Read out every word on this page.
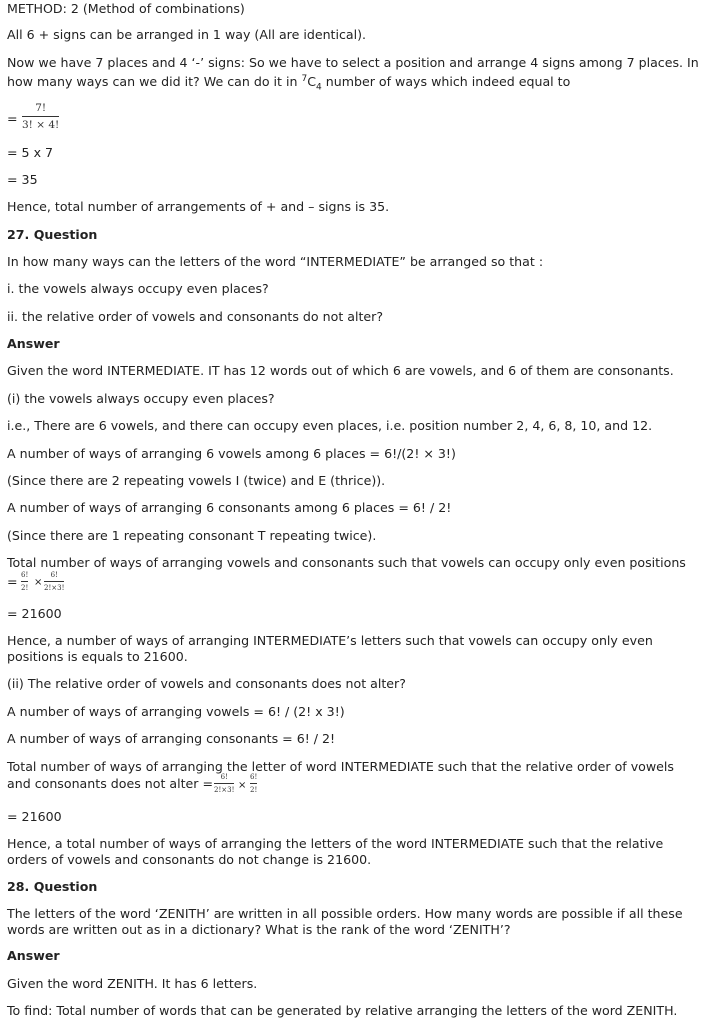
METHOD: 2 (Method of combinations)
All 6 + signs can be arranged in 1 way (All are identical).
Now we have 7 places and 4 ‘-’ signs: So we have to select a position and arrange 4 signs among 7 places. In
how many ways can we did it? We can do it in $^7C_4$ number of ways which indeed equal to
=
7!
3! × 4!
= 5 x 7
= 35
Hence, total number of arrangements of + and – signs is 35.
27. Question
In how many ways can the letters of the word “INTERMEDIATE” be arranged so that :
i. the vowels always occupy even places?
ii. the relative order of vowels and consonants do not alter?
Answer
Given the word INTERMEDIATE. IT has 12 words out of which 6 are vowels, and 6 of them are consonants.
(i) the vowels always occupy even places?
i.e., There are 6 vowels, and there can occupy even places, i.e. position number 2, 4, 6, 8, 10, and 12.
A number of ways of arranging 6 vowels among 6 places = 6!/(2! × 3!)
(Since there are 2 repeating vowels I (twice) and E (thrice)).
A number of ways of arranging 6 consonants among 6 places = 6! / 2!
(Since there are 1 repeating consonant T repeating twice).
Total number of ways of arranging vowels and consonants such that vowels can occupy only even positions
= 6!
2! ×
6!
2!×3!
= 21600
Hence, a number of ways of arranging INTERMEDIATE’s letters such that vowels can occupy only even
positions is equals to 21600.
(ii) The relative order of vowels and consonants does not alter?
A number of ways of arranging vowels = 6! / (2! x 3!)
A number of ways of arranging consonants = 6! / 2!
Total number of ways of arranging the letter of word INTERMEDIATE such that the relative order of vowels
and consonants does not alter = 6!
2!×3! ×
6!
2!
= 21600
Hence, a total number of ways of arranging the letters of the word INTERMEDIATE such that the relative
orders of vowels and consonants do not change is 21600.
28. Question
The letters of the word ‘ZENITH’ are written in all possible orders. How many words are possible if all these
words are written out as in a dictionary? What is the rank of the word ‘ZENITH’?
Answer
Given the word ZENITH. It has 6 letters.
To find: Total number of words that can be generated by relative arranging the letters of the word ZENITH.
